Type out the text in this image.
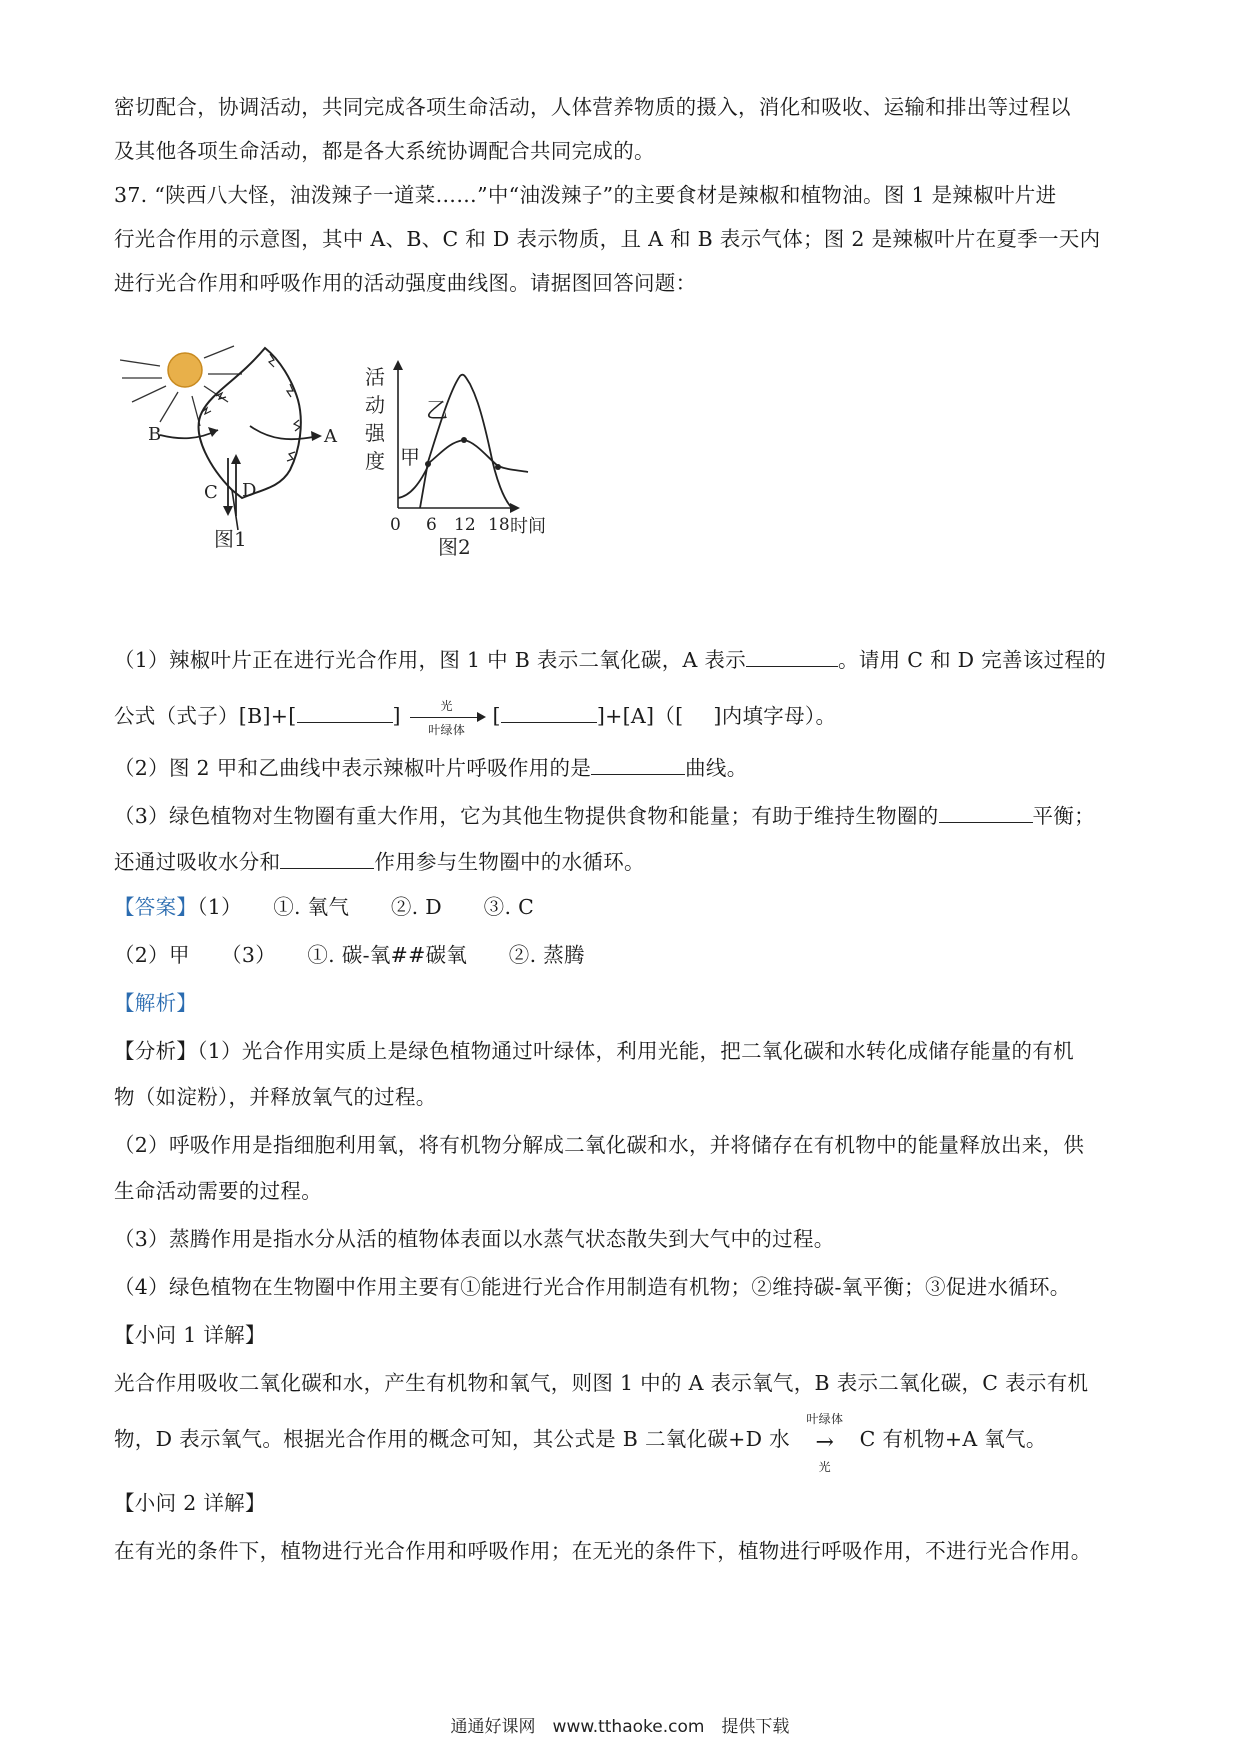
密切配合，协调活动，共同完成各项生命活动，人体营养物质的摄入，消化和吸收、运输和排出等过程以
及其他各项生命活动，都是各大系统协调配合共同完成的。
37. “陕西八大怪，油泼辣子一道菜……”中“油泼辣子”的主要食材是辣椒和植物油。图 1 是辣椒叶片进
行光合作用的示意图，其中 A、B、C 和 D 表示物质，且 A 和 B 表示气体；图 2 是辣椒叶片在夏季一天内
进行光合作用和呼吸作用的活动强度曲线图。请据图回答问题：
B	A
C D
图1
活
动
强
度
乙
甲
0 6 12 18 时间
图2
（1）辣椒叶片正在进行光合作用，图 1 中 B 表示二氧化碳，A 表示	。请用 C 和 D 完善该过程的
公式（式子）[B]+[	]	光
叶绿体
[	]+[A]（[ ]内填字母）。
（2）图 2 甲和乙曲线中表示辣椒叶片呼吸作用的是	曲线。
（3）绿色植物对生物圈有重大作用，它为其他生物提供食物和能量；有助于维持生物圈的	平衡；
还通过吸收水分和	作用参与生物圈中的水循环。
【答案】（1）　　①. 氧气　　②. D　　③. C
（2）甲　　（3）　　①. 碳-氧##碳氧　　②. 蒸腾
【解析】
【分析】（1）光合作用实质上是绿色植物通过叶绿体，利用光能，把二氧化碳和水转化成储存能量的有机
物（如淀粉），并释放氧气的过程。
（2）呼吸作用是指细胞利用氧，将有机物分解成二氧化碳和水，并将储存在有机物中的能量释放出来，供
生命活动需要的过程。
（3）蒸腾作用是指水分从活的植物体表面以水蒸气状态散失到大气中的过程。
（4）绿色植物在生物圈中作用主要有①能进行光合作用制造有机物；②维持碳-氧平衡；③促进水循环。
【小问 1 详解】
光合作用吸收二氧化碳和水，产生有机物和氧气，则图 1 中的 A 表示氧气，B 表示二氧化碳，C 表示有机
物，D 表示氧气。根据光合作用的概念可知，其公式是 B 二氧化碳+D 水
叶绿体
→
光
C 有机物+A 氧气。
【小问 2 详解】
在有光的条件下，植物进行光合作用和呼吸作用；在无光的条件下，植物进行呼吸作用，不进行光合作用。
通通好课网　www.tthaoke.com　提供下载
